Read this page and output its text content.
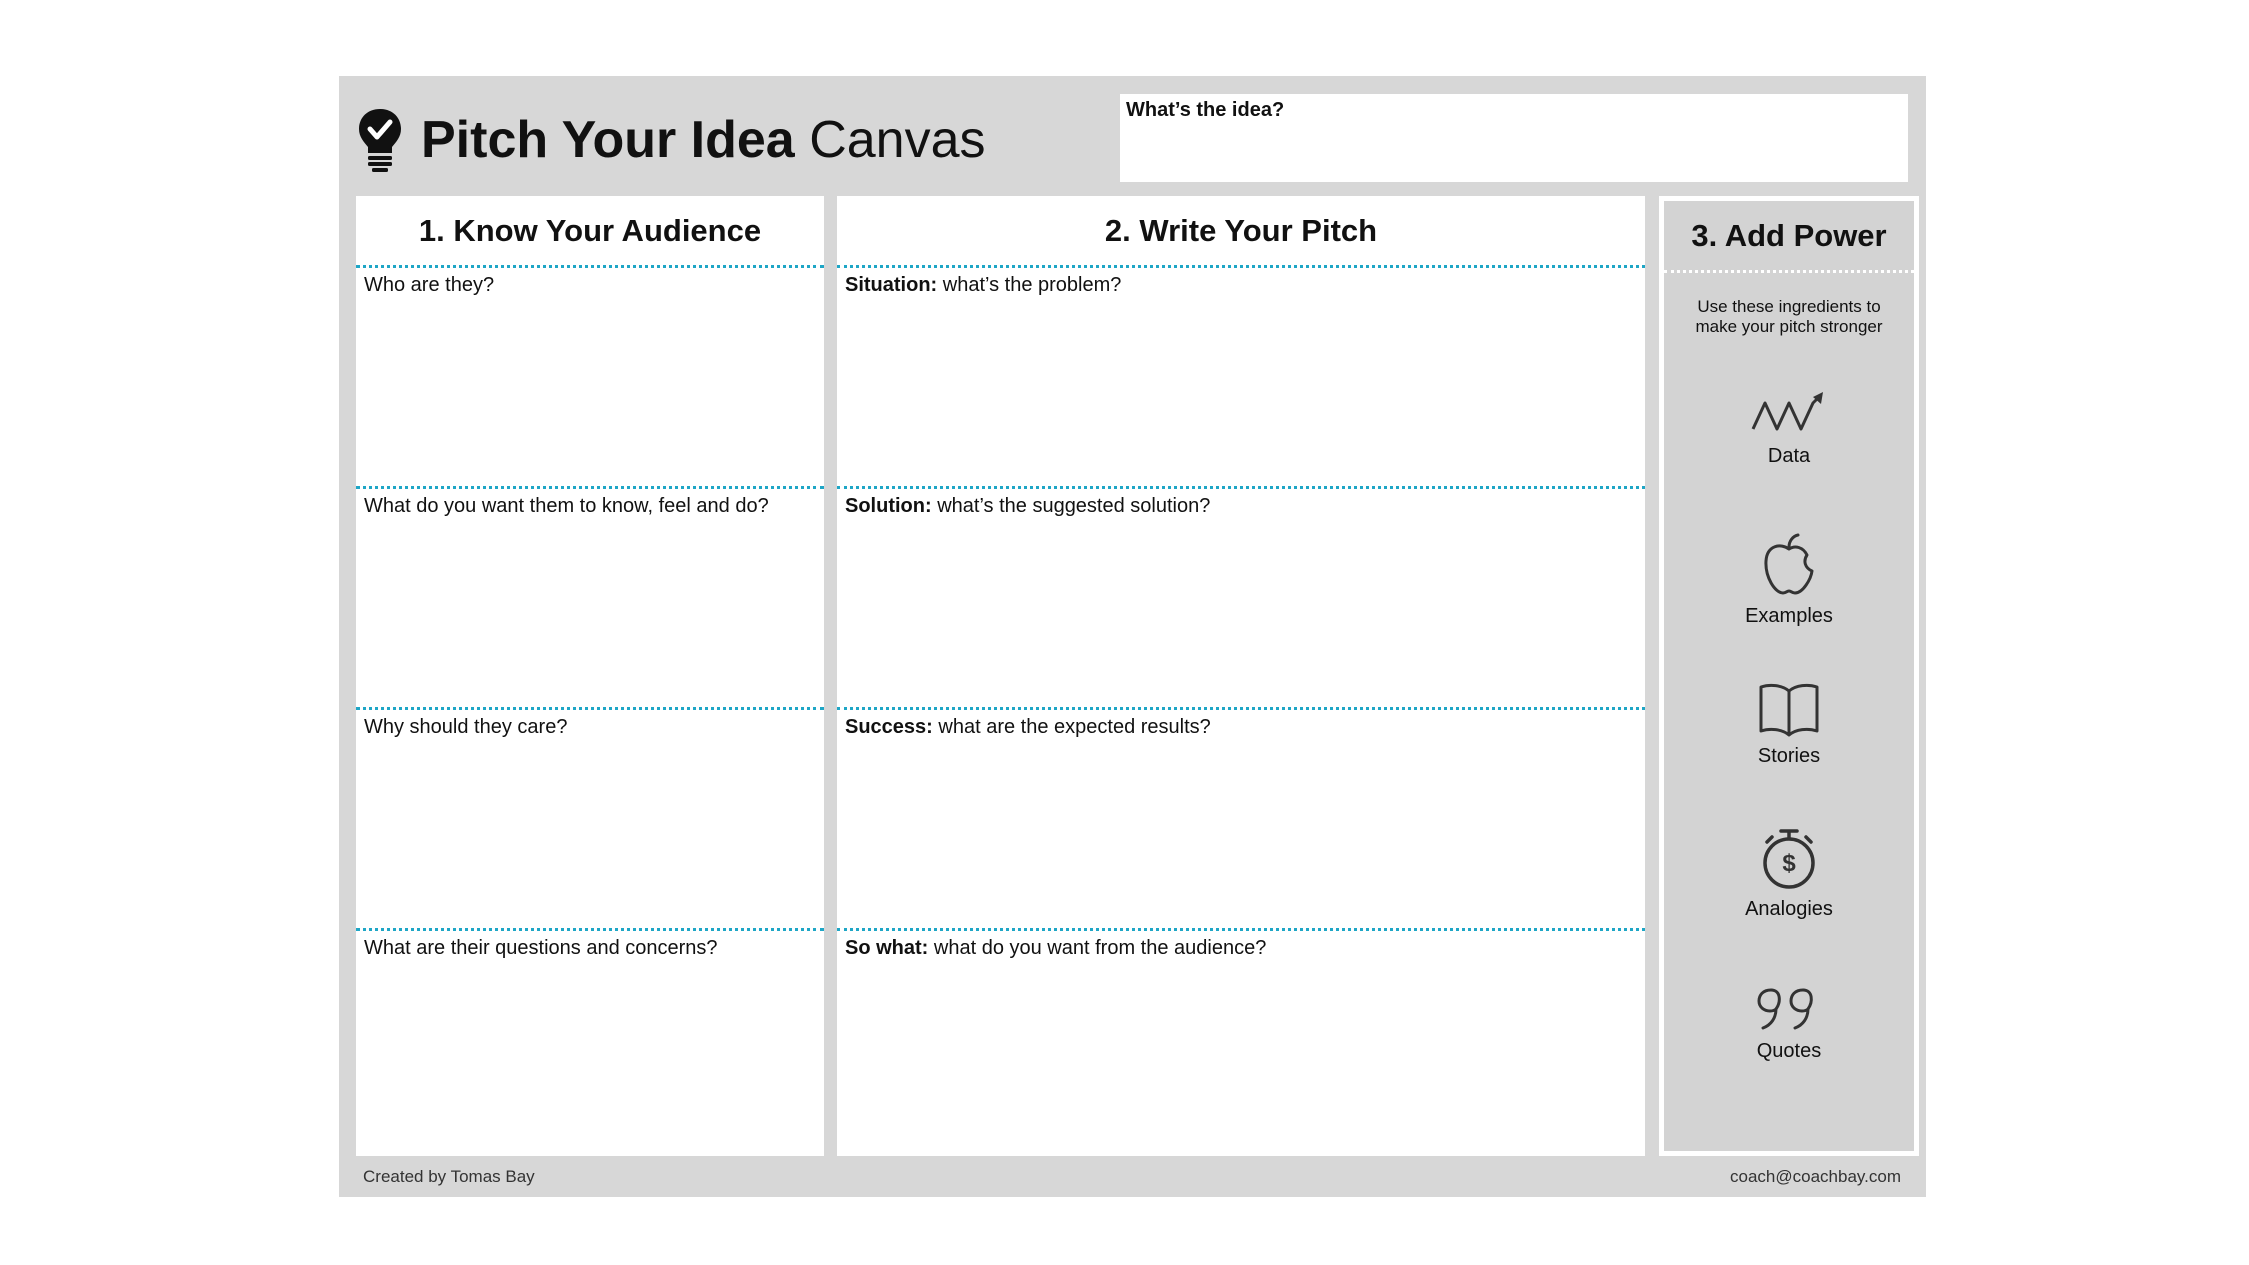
Pitch Your Idea Canvas
What’s the idea?
1. Know Your Audience
Who are they?
What do you want them to know, feel and do?
Why should they care?
What are their questions and concerns?
2. Write Your Pitch
Situation: what’s the problem?
Solution: what’s the suggested solution?
Success: what are the expected results?
So what: what do you want from the audience?
3. Add Power
Use these ingredients to
make your pitch stronger
Data
Examples
Stories
$
Analogies
Quotes
Created by Tomas Bay	coach@coachbay.com
